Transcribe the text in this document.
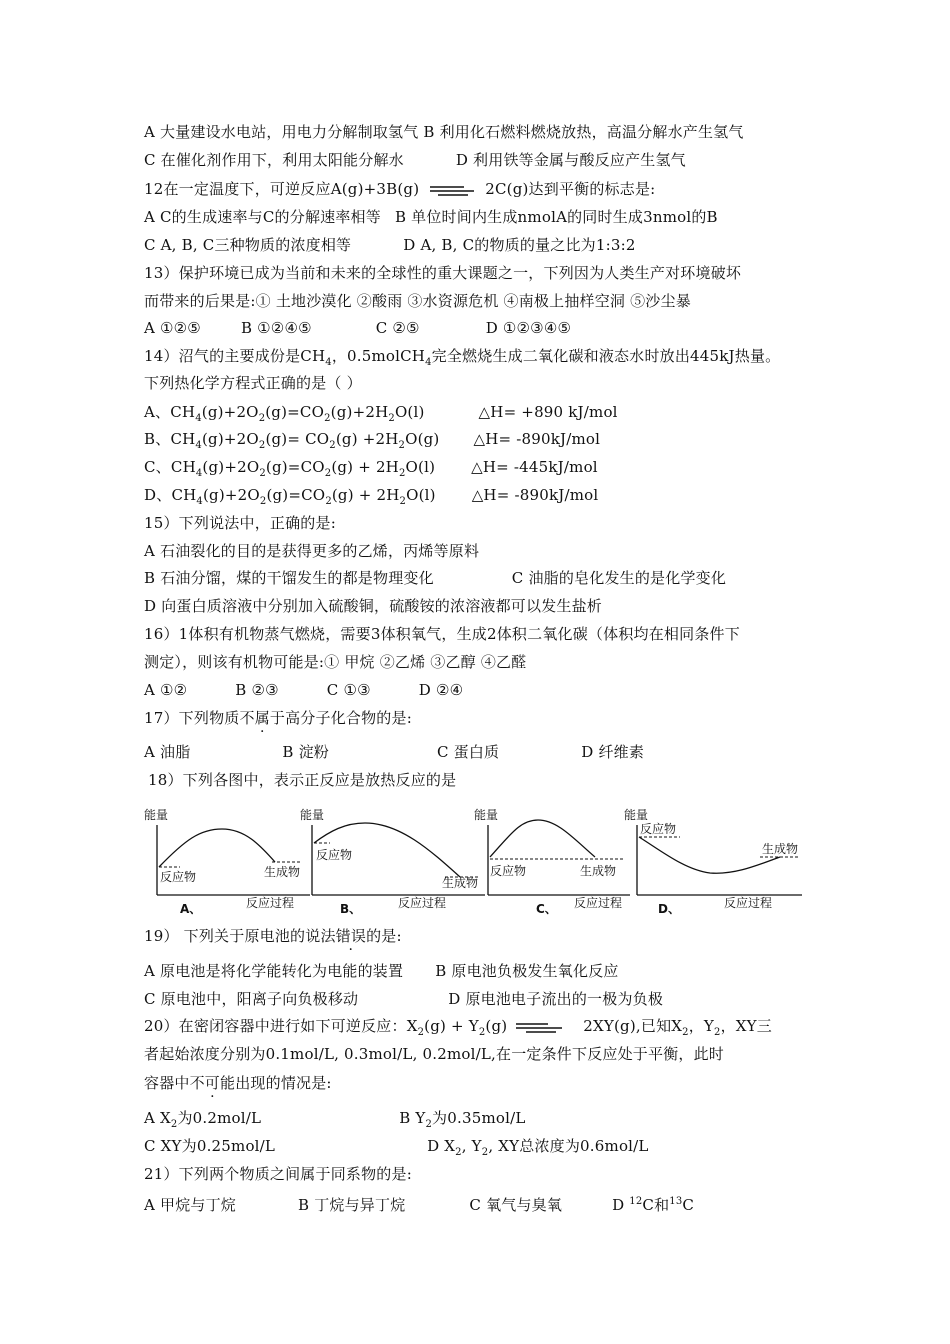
A 大量建设水电站，用电力分解制取氢气 B 利用化石燃料燃烧放热，高温分解水产生氢气
C 在催化剂作用下，利用太阳能分解水	D 利用铁等金属与酸反应产生氢气
12在一定温度下，可逆反应A(g)+3B(g)	2C(g)达到平衡的标志是:
A C的生成速率与C的分解速率相等 B 单位时间内生成nmolA的同时生成3nmol的B
C A, B, C三种物质的浓度相等	D A, B, C的物质的量之比为1:3:2
13）保护环境已成为当前和未来的全球性的重大课题之一，下列因为人类生产对环境破坏
而带来的后果是:① 土地沙漠化 ②酸雨 ③水资源危机 ④南极上抽样空洞 ⑤沙尘暴
A ①②⑤	B ①②④⑤	C ②⑤	D ①②③④⑤
14）沼气的主要成份是$CH_4$，0.5molCH$_4$完全燃烧生成二氧化碳和液态水时放出445kJ热量。
下列热化学方程式正确的是（ ）
A、$CH_4(g)+2O_2(g)=CO_2(g)+2H_2O(l)$	△H= +890 kJ/mol
B、$CH_4(g)+2O_2(g)= CO_2(g) +2H_2O(g)$ △H= -890kJ/mol
C、$CH_4(g)+2O_2(g)=CO_2(g) + 2H_2O(l)$ △H= -445kJ/mol
D、$CH_4(g)+2O_2(g)=CO_2(g) + 2H_2O(l)$ △H= -890kJ/mol
15）下列说法中，正确的是:
A 石油裂化的目的是获得更多的乙烯，丙烯等原料
B 石油分馏，煤的干馏发生的都是物理变化	C 油脂的皂化发生的是化学变化
D 向蛋白质溶液中分别加入硫酸铜，硫酸铵的浓溶液都可以发生盐析
16）1体积有机物蒸气燃烧，需要3体积氧气，生成2体积二氧化碳（体积均在相同条件下
测定），则该有机物可能是:① 甲烷 ②乙烯 ③乙醇 ④乙醛
A ①②	B ②③	C ①③	D ②④
17）下列物质不属于高分子化合物的是:
A 油脂	B 淀粉	C 蛋白质	D 纤维素
18）下列各图中，表示正反应是放热反应的是
能量
反应物	生成物
A、	反应过程
能量
反应物
生成物
B、	反应过程
能量
反应物	生成物
C、 反应过程
能量
反应物
生成物
D、	反应过程
19） 下列关于原电池的说法错误的是:
A 原电池是将化学能转化为电能的装置 B 原电池负极发生氧化反应
C 原电池中，阳离子向负极移动	D 原电池电子流出的一极为负极
20）在密闭容器中进行如下可逆反应：$X_2(g) + Y_2(g)$	2XY(g),已知$X_2$，$Y_2$，XY三
者起始浓度分别为0.1mol/L, 0.3mol/L, 0.2mol/L,在一定条件下反应处于平衡，此时
容器中不可能出现的情况是:
A $X_2$为0.2mol/L	B $Y_2$为0.35mol/L
C XY为0.25mol/L	D $X_2$, $Y_2$, XY总浓度为0.6mol/L
21）下列两个物质之间属于同系物的是:
A 甲烷与丁烷	B 丁烷与异丁烷	C 氧气与臭氧	D $^{12}$C和$^{13}$C
